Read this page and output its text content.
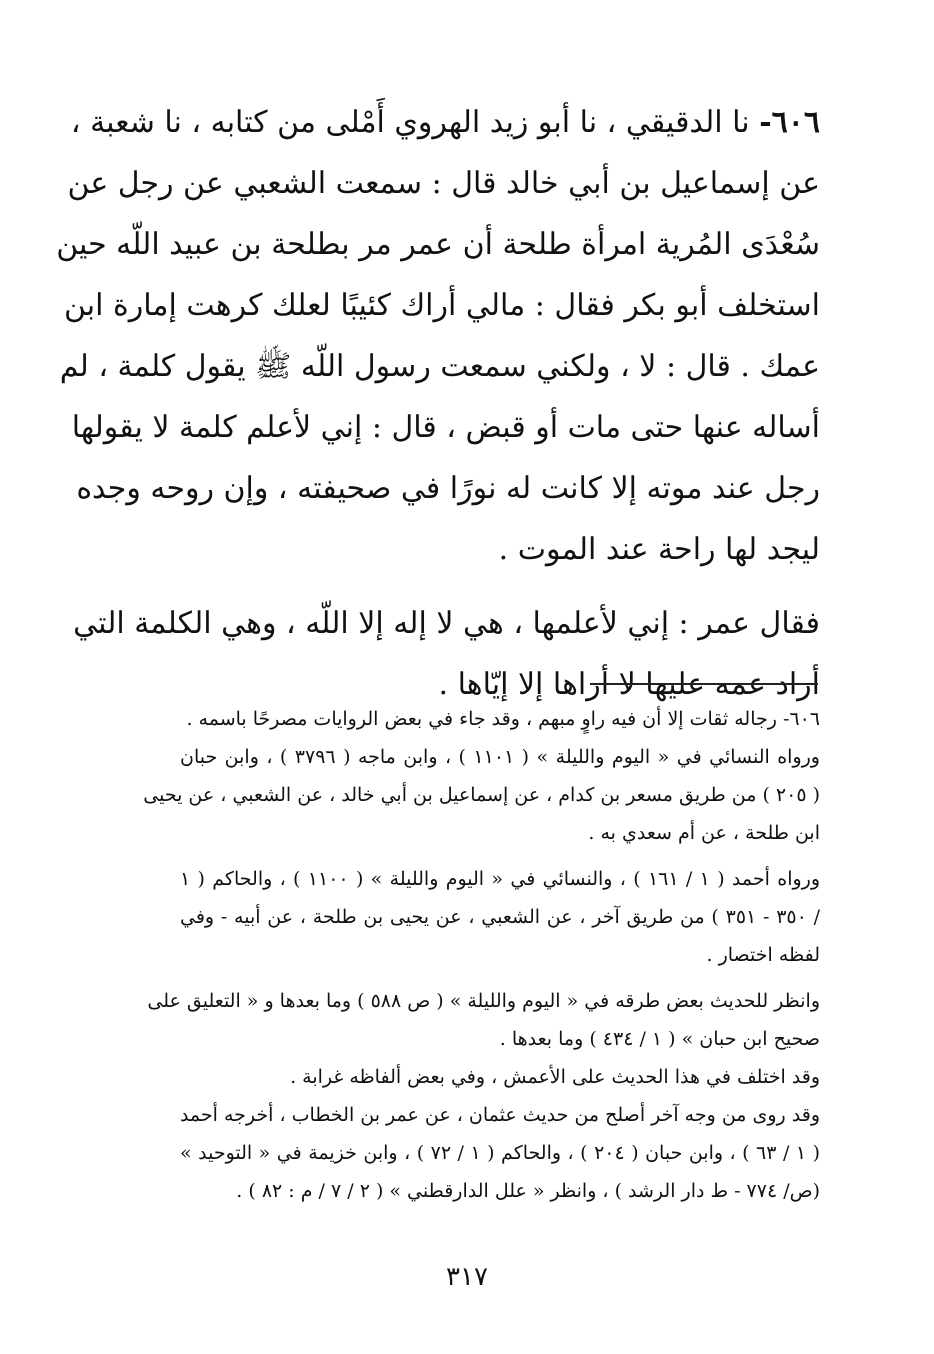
٦٠٦- نا الدقيقي ، نا أبو زيد الهروي أَمْلى من كتابه ، نا شعبة ،
عن إسماعيل بن أبي خالد قال : سمعت الشعبي عن رجل عن
سُعْدَى المُرية امرأة طلحة أن عمر مر بطلحة بن عبيد اللّه حين
استخلف أبو بكر فقال : مالي أراك كئيبًا لعلك كرهت إمارة ابن
عمك . قال : لا ، ولكني سمعت رسول اللّه ﷺ يقول كلمة ، لم
أساله عنها حتى مات أو قبض ، قال : إني لأعلم كلمة لا يقولها
رجل عند موته إلا كانت له نورًا في صحيفته ، وإن روحه وجده
ليجد لها راحة عند الموت .
فقال عمر : إني لأعلمها ، هي لا إله إلا اللّه ، وهي الكلمة التي
أراد عمه عليها لا أراها إلا إيّاها .
٦٠٦- رجاله ثقات إلا أن فيه راوٍ مبهم ، وقد جاء في بعض الروايات مصرحًا باسمه .
ورواه النسائي في « اليوم والليلة » ( ١١٠١ ) ، وابن ماجه ( ٣٧٩٦ ) ، وابن حبان
( ٢٠٥ ) من طريق مسعر بن كدام ، عن إسماعيل بن أبي خالد ، عن الشعبي ، عن يحيى
ابن طلحة ، عن أم سعدي به .
ورواه أحمد ( ١ / ١٦١ ) ، والنسائي في « اليوم والليلة » ( ١١٠٠ ) ، والحاكم ( ١
/ ٣٥٠ - ٣٥١ ) من طريق آخر ، عن الشعبي ، عن يحيى بن طلحة ، عن أبيه - وفي
لفظه اختصار .
وانظر للحديث بعض طرقه في « اليوم والليلة » ( ص ٥٨٨ ) وما بعدها و « التعليق على
صحيح ابن حبان » ( ١ / ٤٣٤ ) وما بعدها .
وقد اختلف في هذا الحديث على الأعمش ، وفي بعض ألفاظه غرابة .
وقد روى من وجه آخر أصلح من حديث عثمان ، عن عمر بن الخطاب ، أخرجه أحمد
( ١ / ٦٣ ) ، وابن حبان ( ٢٠٤ ) ، والحاكم ( ١ / ٧٢ ) ، وابن خزيمة في « التوحيد »
(ص/ ٧٧٤ - ط دار الرشد ) ، وانظر « علل الدارقطني » ( ٢ / ٧ / م : ٨٢ ) .
٣١٧
